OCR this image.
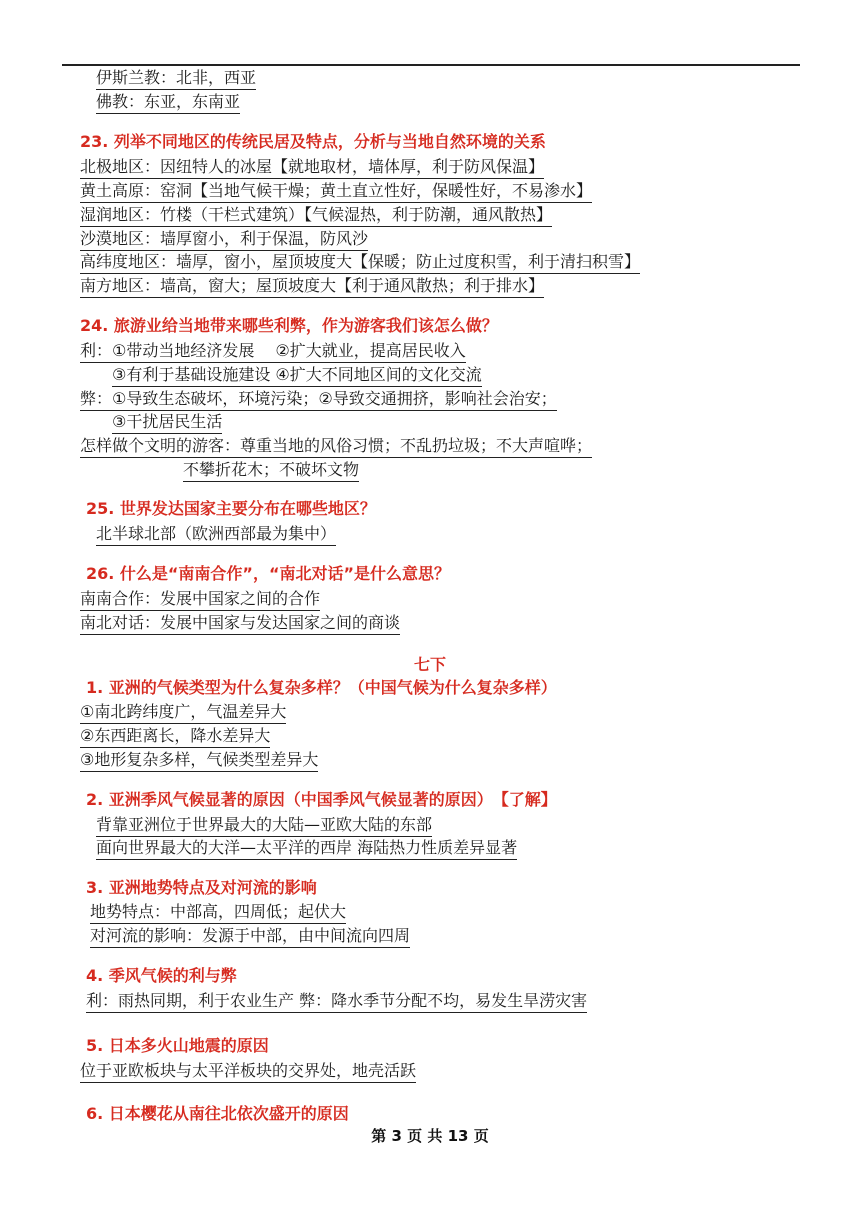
伊斯兰教：北非，西亚
佛教：东亚，东南亚
23. 列举不同地区的传统民居及特点，分析与当地自然环境的关系
北极地区：因纽特人的冰屋【就地取材，墙体厚，利于防风保温】
黄土高原：窑洞【当地气候干燥；黄土直立性好，保暖性好，不易渗水】
湿润地区：竹楼（干栏式建筑）【气候湿热，利于防潮，通风散热】
沙漠地区：墙厚窗小，利于保温，防风沙
高纬度地区：墙厚，窗小，屋顶坡度大【保暖；防止过度积雪，利于清扫积雪】
南方地区：墙高，窗大；屋顶坡度大【利于通风散热；利于排水】
24. 旅游业给当地带来哪些利弊，作为游客我们该怎么做？
利：①带动当地经济发展　 ②扩大就业，提高居民收入
③有利于基础设施建设 ④扩大不同地区间的文化交流
弊：①导致生态破坏，环境污染；②导致交通拥挤，影响社会治安；
③干扰居民生活
怎样做个文明的游客：尊重当地的风俗习惯；不乱扔垃圾；不大声喧哗；
不攀折花木；不破坏文物
25. 世界发达国家主要分布在哪些地区？
北半球北部（欧洲西部最为集中）
26. 什么是“南南合作”，“南北对话”是什么意思？
南南合作：发展中国家之间的合作
南北对话：发展中国家与发达国家之间的商谈
七下
1. 亚洲的气候类型为什么复杂多样？（中国气候为什么复杂多样）
①南北跨纬度广，气温差异大
②东西距离长，降水差异大
③地形复杂多样，气候类型差异大
2. 亚洲季风气候显著的原因（中国季风气候显著的原因）　【了解】
背靠亚洲位于世界最大的大陆—亚欧大陆的东部
面向世界最大的大洋—太平洋的西岸 海陆热力性质差异显著
3. 亚洲地势特点及对河流的影响
地势特点：中部高，四周低；起伏大
对河流的影响：发源于中部，由中间流向四周
4. 季风气候的利与弊
利：雨热同期，利于农业生产 弊：降水季节分配不均，易发生旱涝灾害
5. 日本多火山地震的原因
位于亚欧板块与太平洋板块的交界处，地壳活跃
6. 日本樱花从南往北依次盛开的原因
第 3 页 共 13 页
